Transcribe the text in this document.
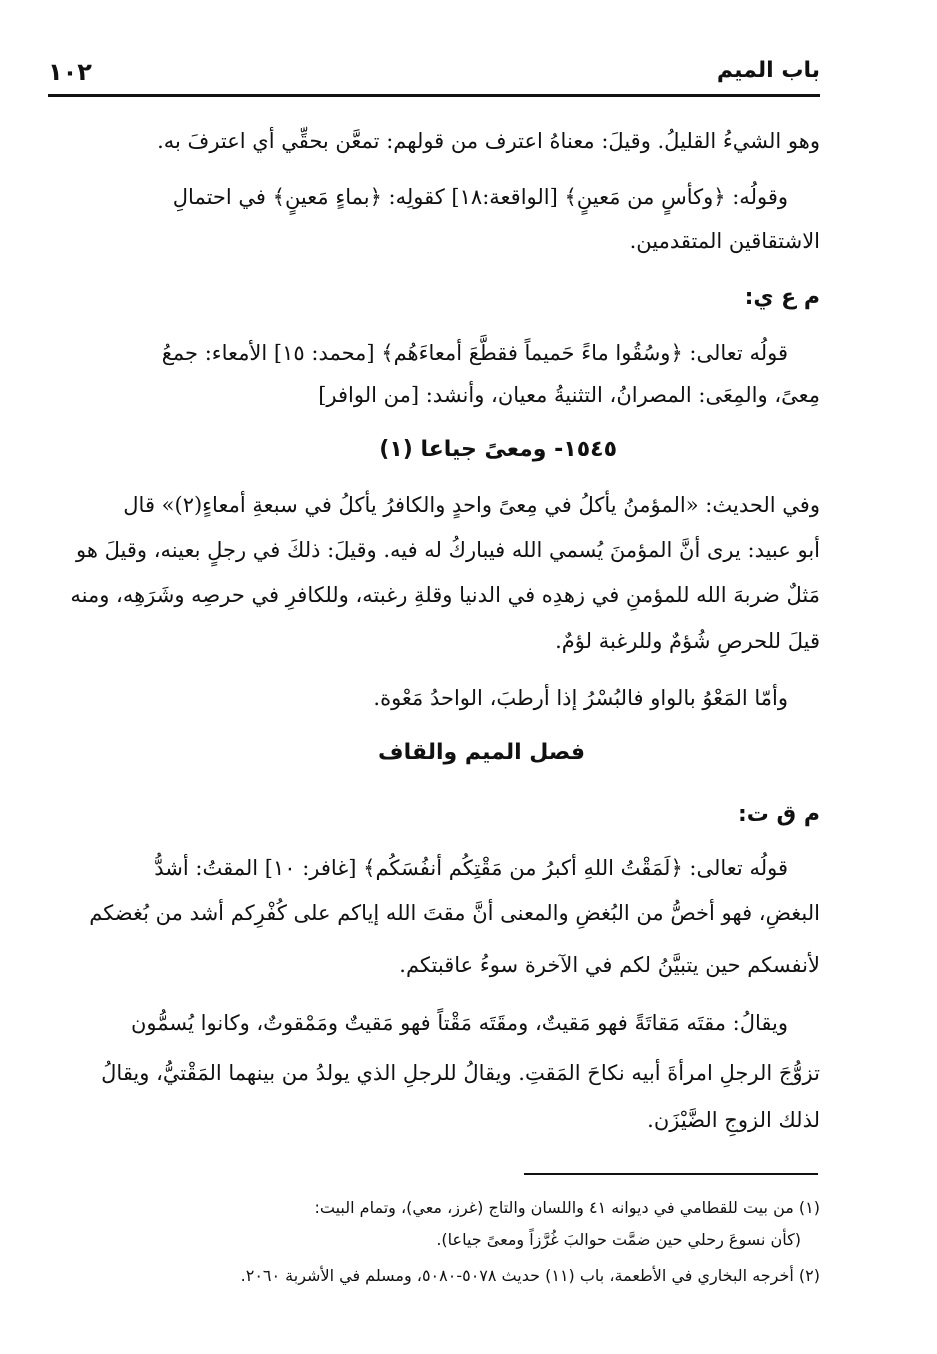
باب الميم
١٠٢
وهو الشيءُ القليلُ. وقيلَ: معناهُ اعترف من قولهم: تمعَّن بحقِّي أي اعترفَ به.
وقولُه: ﴿وكأسٍ من مَعينٍ﴾ [الواقعة:١٨] كقولِه: ﴿بماءٍ مَعينٍ﴾ في احتمالِ
الاشتقاقين المتقدمين.
م ع ي:
قولُه تعالى: ﴿وسُقُوا ماءً حَميماً فقطَّعَ أمعاءَهُم﴾ [محمد: ١٥] الأمعاء: جمعُ
مِعىً، والمِعَى: المصرانُ، التثنيةُ معيان، وأنشد: [من الوافر]
١٥٤٥- ومعىً جياعا (١)
وفي الحديث: «المؤمنُ يأكلُ في مِعىً واحدٍ والكافرُ يأكلُ في سبعةِ أمعاءٍ(٢)» قال
أبو عبيد: يرى أنَّ المؤمنَ يُسمي الله فيباركُ له فيه. وقيلَ: ذلكَ في رجلٍ بعينه، وقيلَ هو
مَثلٌ ضربهَ الله للمؤمنِ في زهدِه في الدنيا وقلةِ رغبته، وللكافرِ في حرصِه وشَرَهِه، ومنه
قيلَ للحرصِ شُؤمٌ وللرغبة لؤمٌ.
وأمّا المَعْوُ بالواو فالبُسْرُ إذا أرطبَ، الواحدُ مَعْوة.
فصل الميم والقاف
م ق ت:
قولُه تعالى: ﴿لَمَقْتُ اللهِ أكبرُ من مَقْتِكُم أنفُسَكُم﴾ [غافر: ١٠] المقتُ: أشدُّ
البغضِ، فهو أخصُّ من البُغضِ والمعنى أنَّ مقتَ الله إياكم على كُفْرِكم أشد من بُغضكم
لأنفسكم حين يتبيَّنُ لكم في الآخرة سوءُ عاقبتكم.
ويقالُ: مقتَه مَقاتَةً فهو مَقيتٌ، ومقَتَه مَقْتاً فهو مَقيتٌ ومَمْقوتٌ، وكانوا يُسمُّون
تزوُّجَ الرجلِ امرأةَ أبيه نكاحَ المَقتِ. ويقالُ للرجلِ الذي يولدُ من بينهما المَقْتيُّ، ويقالُ
لذلك الزوجِ الضَّيْزَن.
(١) من بيت للقطامي في ديوانه ٤١ واللسان والتاج (غرز، معي)، وتمام البيت:
(كأن نسوعَ رحلي حين ضمَّت حوالبَ غُرَّزاً ومعىً جياعا).
(٢) أخرجه البخاري في الأطعمة، باب (١١) حديث ٥٠٧٨-٥٠٨٠، ومسلم في الأشربة ٢٠٦٠.
